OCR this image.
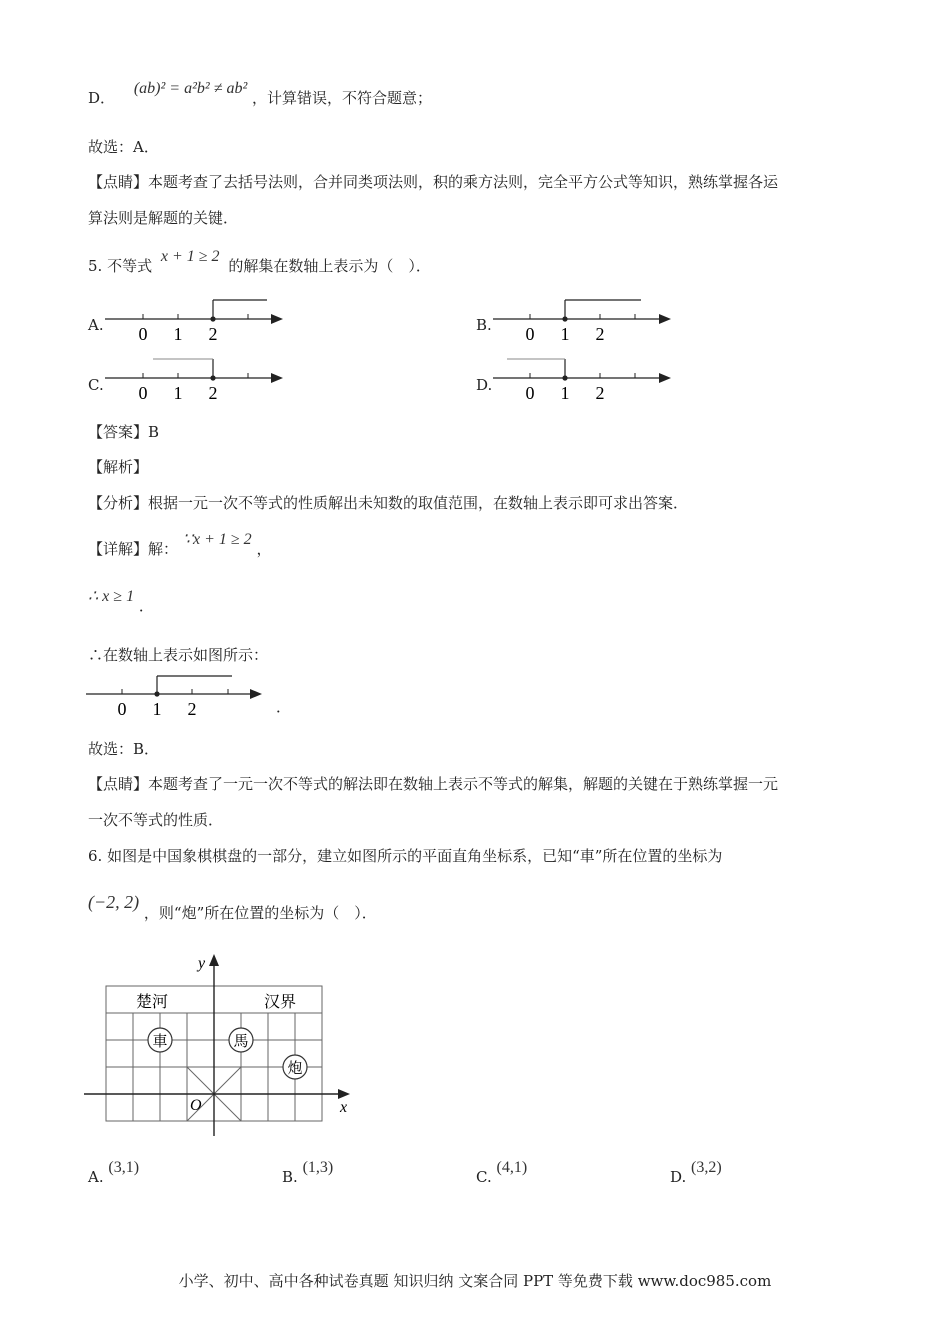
D． (ab)² = a²b² ≠ ab² ，计算错误，不符合题意；
故选：A．
【点睛】本题考查了去括号法则，合并同类项法则，积的乘方法则，完全平方公式等知识，熟练掌握各运
算法则是解题的关键．
5. 不等式 x + 1 ≥ 2 的解集在数轴上表示为（　）．
A. 0 1 2	B. 0 1 2
C. 0 1 2	D. 0 1 2
【答案】B
【解析】
【分析】根据一元一次不等式的性质解出未知数的取值范围，在数轴上表示即可求出答案．
【详解】解： ∵x + 1 ≥ 2 ，
∴ x ≥ 1 ．
∴在数轴上表示如图所示：
0 1 2	．
故选：B．
【点睛】本题考查了一元一次不等式的解法即在数轴上表示不等式的解集，解题的关键在于熟练掌握一元
一次不等式的性质．
6. 如图是中国象棋棋盘的一部分，建立如图所示的平面直角坐标系，已知“車”所在位置的坐标为
(−2, 2) ，则“炮”所在位置的坐标为（　）．
y
x
O
楚河	汉界
車	馬
炮
A. (3,1)
B. (1,3)
C. (4,1)
D. (3,2)
小学、初中、高中各种试卷真题 知识归纳 文案合同 PPT 等免费下载 www.doc985.com
